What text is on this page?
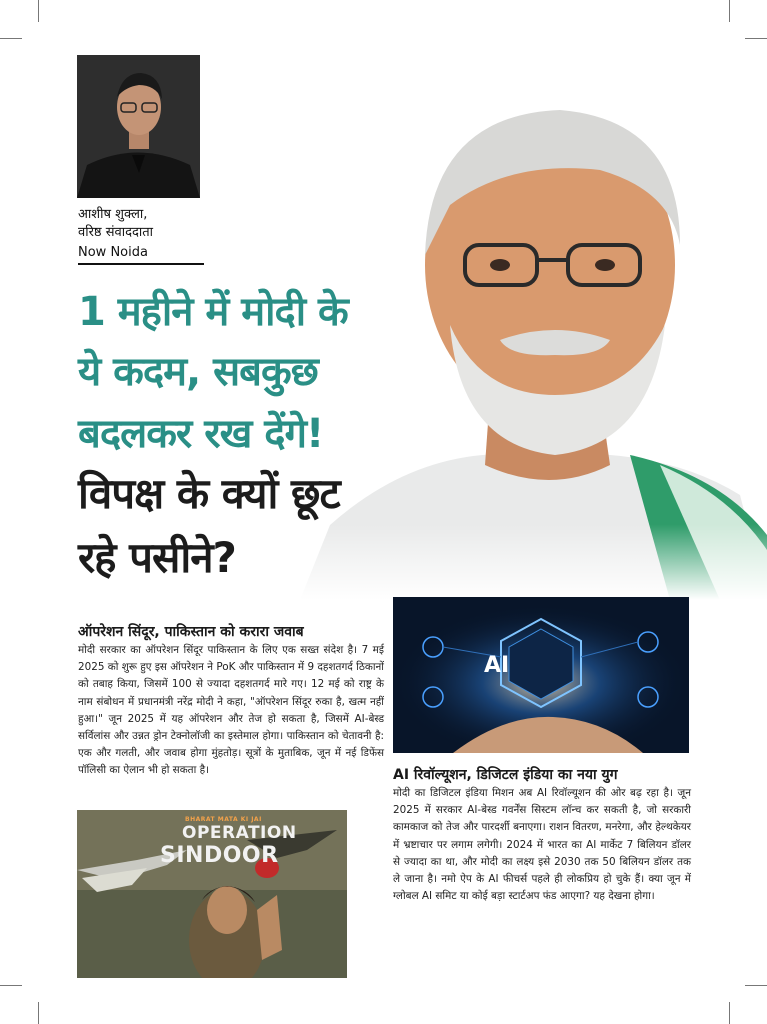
आशीष शुक्ला,
वरिष्ठ संवाददाता
Now Noida
1 महीने में मोदी के
ये कदम, सबकुछ
बदलकर रख देंगे!
विपक्ष के क्यों छूट
रहे पसीने?
ऑपरेशन सिंदूर, पाकिस्तान को करारा जवाब

मोदी सरकार का ऑपरेशन सिंदूर पाकिस्तान के लिए एक सख्त संदेश है। 7 मई 2025 को शुरू हुए इस ऑपरेशन ने PoK और पाकिस्तान में 9 दहशतगर्द ठिकानों को तबाह किया, जिसमें 100 से ज्यादा दहशतगर्द मारे गए। 12 मई को राष्ट्र के नाम संबोधन में प्रधानमंत्री नरेंद्र मोदी ने कहा, "ऑपरेशन सिंदूर रुका है, खत्म नहीं हुआ।" जून 2025 में यह ऑपरेशन और तेज हो सकता है, जिसमें AI-बेस्ड सर्विलांस और उन्नत ड्रोन टेक्नोलॉजी का इस्तेमाल होगा। पाकिस्तान को चेतावनी है: एक और गलती, और जवाब होगा मुंहतोड़। सूत्रों के मुताबिक, जून में नई डिफेंस पॉलिसी का ऐलान भी हो सकता है।

BHARAT MATA KI JAI
OPERATION
SINDOOR
AI
AI रिवॉल्यूशन, डिजिटल इंडिया का नया युग

मोदी का डिजिटल इंडिया मिशन अब AI रिवॉल्यूशन की ओर बढ़ रहा है। जून 2025 में सरकार AI-बेस्ड गवर्नेंस सिस्टम लॉन्च कर सकती है, जो सरकारी कामकाज को तेज और पारदर्शी बनाएगा। राशन वितरण, मनरेगा, और हेल्थकेयर में भ्रष्टाचार पर लगाम लगेगी। 2024 में भारत का AI मार्केट 7 बिलियन डॉलर से ज्यादा का था, और मोदी का लक्ष्य इसे 2030 तक 50 बिलियन डॉलर तक ले जाना है। नमो ऐप के AI फीचर्स पहले ही लोकप्रिय हो चुके हैं। क्या जून में ग्लोबल AI समिट या कोई बड़ा स्टार्टअप फंड आएगा? यह देखना होगा।
